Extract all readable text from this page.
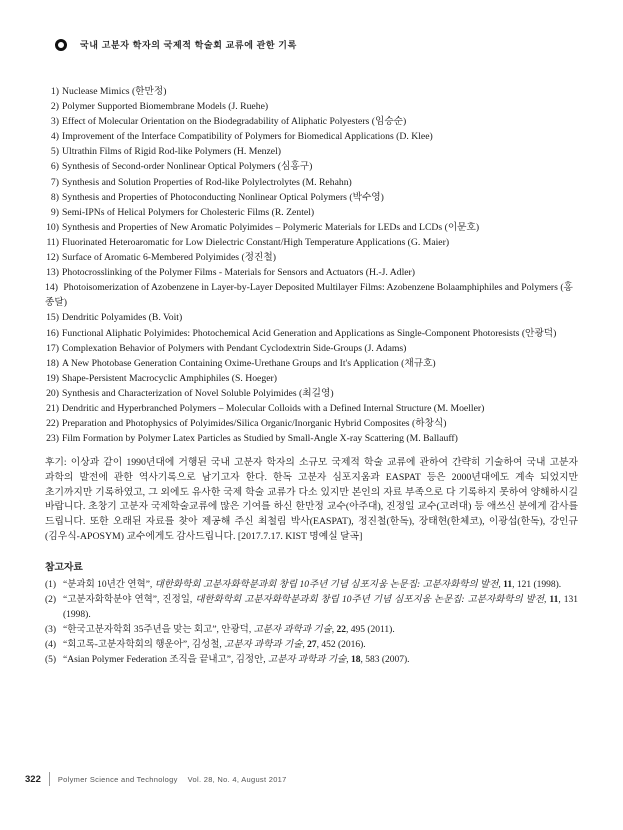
국내 고분자 학자의 국제적 학술회 교류에 관한 기록
1) Nuclease Mimics (한만정)
2) Polymer Supported Biomembrane Models (J. Ruehe)
3) Effect of Molecular Orientation on the Biodegradability of Aliphatic Polyesters (임승순)
4) Improvement of the Interface Compatibility of Polymers for Biomedical Applications (D. Klee)
5) Ultrathin Films of Rigid Rod-like Polymers (H. Menzel)
6) Synthesis of Second-order Nonlinear Optical Polymers (심홍구)
7) Synthesis and Solution Properties of Rod-like Polylectrolytes (M. Rehahn)
8) Synthesis and Properties of Photoconducting Nonlinear Optical Polymers (박수영)
9) Semi-IPNs of Helical Polymers for Cholesteric Films (R. Zentel)
10) Synthesis and Properties of New Aromatic Polyimides – Polymeric Materials for LEDs and LCDs (이문호)
11) Fluorinated Heteroaromatic for Low Dielectric Constant/High Temperature Applications (G. Maier)
12) Surface of Aromatic 6-Membered Polyimides (정진철)
13) Photocrosslinking of the Polymer Films - Materials for Sensors and Actuators (H.-J. Adler)
14) Photoisomerization of Azobenzene in Layer-by-Layer Deposited Multilayer Films: Azobenzene Bolaamphiphiles and Polymers (홍종달)
15) Dendritic Polyamides (B. Voit)
16) Functional Aliphatic Polyimides: Photochemical Acid Generation and Applications as Single-Component Photoresists (안광덕)
17) Complexation Behavior of Polymers with Pendant Cyclodextrin Side-Groups (J. Adams)
18) A New Photobase Generation Containing Oxime-Urethane Groups and It's Application (채규호)
19) Shape-Persistent Macrocyclic Amphiphiles (S. Hoeger)
20) Synthesis and Characterization of Novel Soluble Polyimides (최길영)
21) Dendritic and Hyperbranched Polymers – Molecular Colloids with a Defined Internal Structure (M. Moeller)
22) Preparation and Photophysics of Polyimides/Silica Organic/Inorganic Hybrid Composites (하창식)
23) Film Formation by Polymer Latex Particles as Studied by Small-Angle X-ray Scattering (M. Ballauff)
후기: 이상과 같이 1990년대에 거행된 국내 고분자 학자의 소규모 국제적 학술 교류에 관하여 간략히 기술하여 국내 고분자 과학의 발전에 관한 역사기록으로 남기고자 한다. 한독 고분자 심포지움과 EASPAT 등은 2000년대에도 계속 되었지만 초기까지만 기록하였고, 그 외에도 유사한 국제 학술 교류가 다소 있지만 본인의 자료 부족으로 다 기록하지 못하여 양해하시길 바랍니다. 초창기 고분자 국제학술교류에 많은 기여를 하신 한만정 교수(아주대), 진정일 교수(고려대) 등 애쓰신 분에게 감사를 드립니다. 또한 오래된 자료를 찾아 제공해 주신 최철림 박사(EASPAT), 정진철(한독), 장태현(한체코), 이광섭(한독), 강인규(김우식-APOSYM) 교수에게도 감사드립니다. [2017.7.17. KIST 명예실 달곡]
참고자료
(1) “분과회 10년간 연혁”, 대한화학회 고분자화학분과회 창립 10주년 기념 심포지움 논문집: 고분자화학의 발전, 11, 121 (1998).
(2) “고분자화학분야 연혁”, 진정일, 대한화학회 고분자화학분과회 창립 10주년 기념 심포지움 논문집: 고분자화학의 발전, 11, 131 (1998).
(3) “한국고분자학회 35주년을 맞는 회고”, 안광덕, 고분자 과학과 기술, 22, 495 (2011).
(4) “회고록-고분자학회의 행운아”, 김성철, 고분자 과학과 기술, 27, 452 (2016).
(5) “Asian Polymer Federation 조직을 끝내고”, 김정안, 고분자 과학과 기술, 18, 583 (2007).
322 Polymer Science and Technology Vol. 28, No. 4, August 2017
